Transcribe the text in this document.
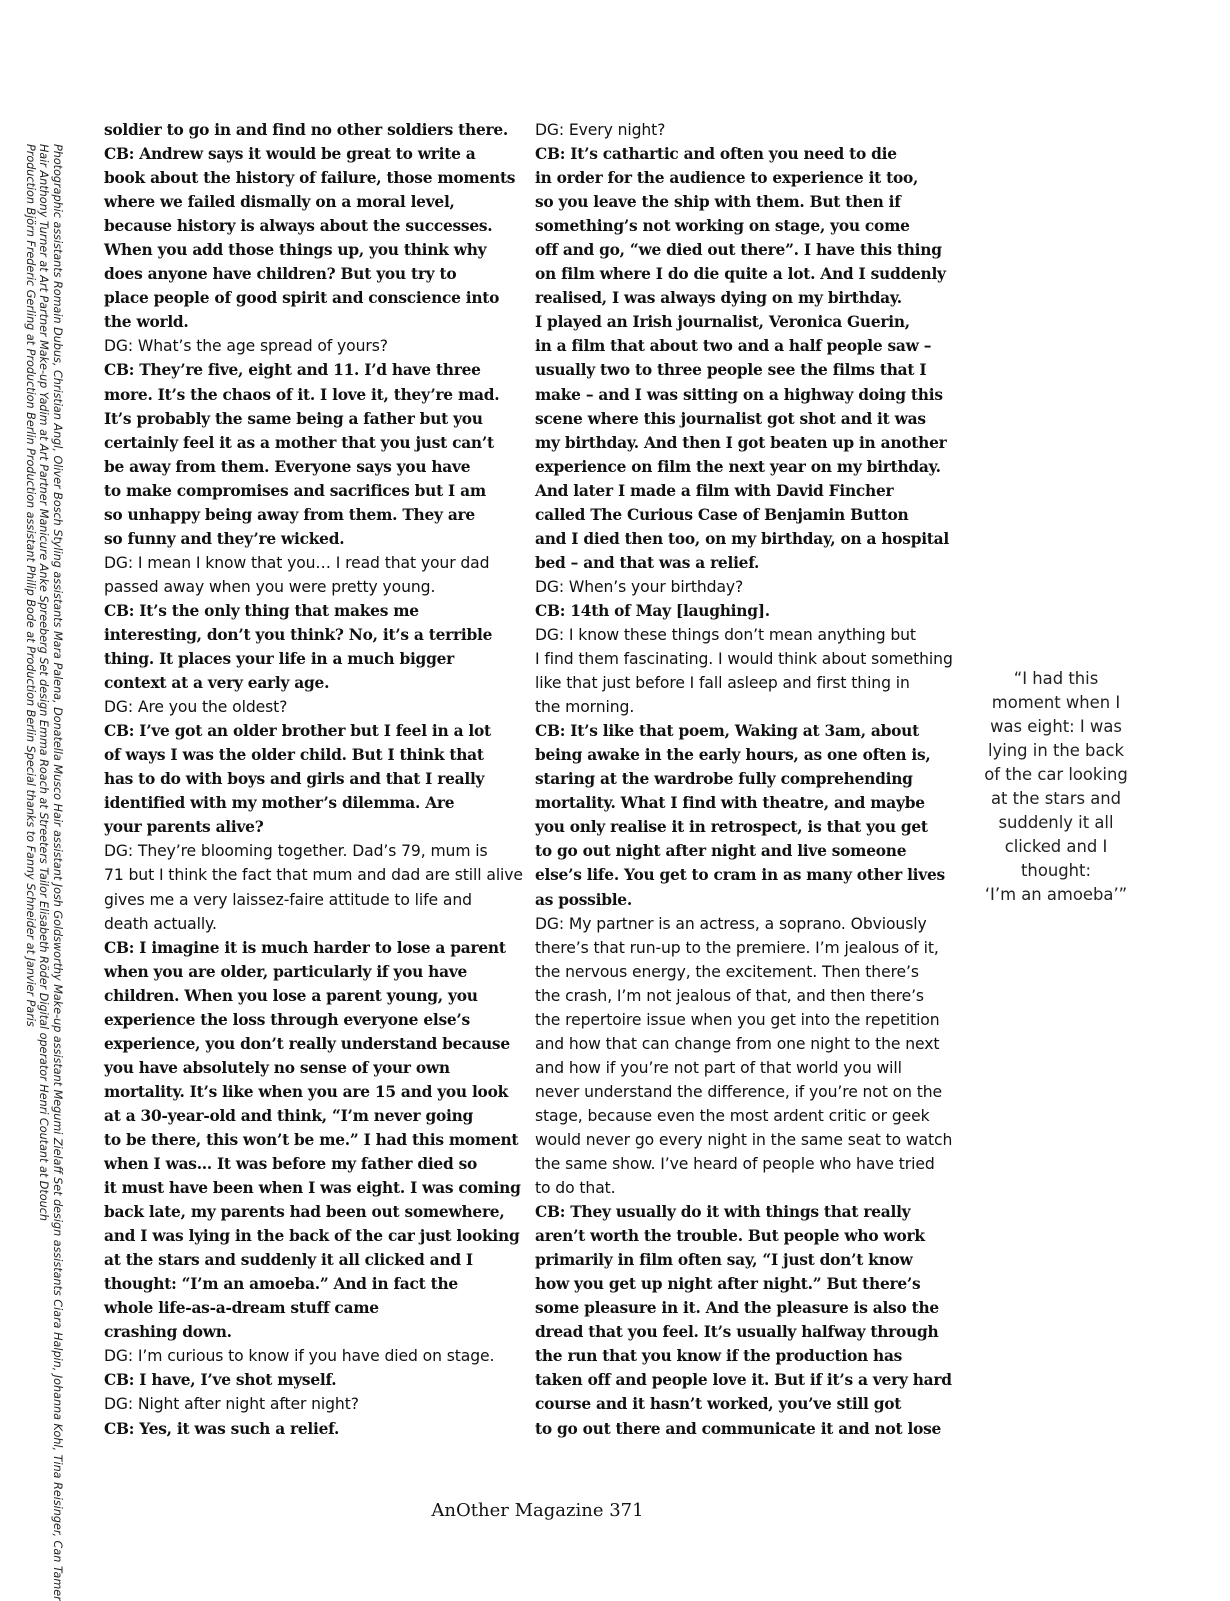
Photographic assistants Romain Dubus, Christian Angl, Oliver Bosch Styling assistants Mara Palena, Donatella Musco Hair assistant Josh Goldsworthy Make-up assistant Megumi Zielaff Set design assistants Ciara Halpin, Johanna Kohl, Tina Reisinger, Can Tamer

Hair Anthony Turner at Art Partner Make-up Yadim at Art Partner Manicure Anke Spreeberg Set design Emma Roach at Streeters Tailor Elisabeth Röder Digital operator Henri Coutant at Dtouch

Production Björn Frederic Gerling at Production Berlin Production assistant Philip Bode at Production Berlin Special thanks to Fanny Schneider at Janvier Paris

soldier to go in and find no other soldiers there.

CB: Andrew says it would be great to write a

book about the history of failure, those moments

where we failed dismally on a moral level,

because history is always about the successes.

When you add those things up, you think why

does anyone have children? But you try to

place people of good spirit and conscience into

the world.

DG: What’s the age spread of yours?

CB: They’re five, eight and 11. I’d have three

more. It’s the chaos of it. I love it, they’re mad.

It’s probably the same being a father but you

certainly feel it as a mother that you just can’t

be away from them. Everyone says you have

to make compromises and sacrifices but I am

so unhappy being away from them. They are

so funny and they’re wicked.

DG: I mean I know that you… I read that your dad

passed away when you were pretty young.

CB: It’s the only thing that makes me

interesting, don’t you think? No, it’s a terrible

thing. It places your life in a much bigger

context at a very early age.

DG: Are you the oldest?

CB: I’ve got an older brother but I feel in a lot

of ways I was the older child. But I think that

has to do with boys and girls and that I really

identified with my mother’s dilemma. Are

your parents alive?

DG: They’re blooming together. Dad’s 79, mum is

71 but I think the fact that mum and dad are still alive

gives me a very laissez-faire attitude to life and

death actually.

CB: I imagine it is much harder to lose a parent

when you are older, particularly if you have

children. When you lose a parent young, you

experience the loss through everyone else’s

experience, you don’t really understand because

you have absolutely no sense of your own

mortality. It’s like when you are 15 and you look

at a 30-year-old and think, “I’m never going

to be there, this won’t be me.” I had this moment

when I was… It was before my father died so

it must have been when I was eight. I was coming

back late, my parents had been out somewhere,

and I was lying in the back of the car just looking

at the stars and suddenly it all clicked and I

thought: “I’m an amoeba.” And in fact the

whole life-as-a-dream stuff came

crashing down.

DG: I’m curious to know if you have died on stage.

CB: I have, I’ve shot myself.

DG: Night after night after night?

CB: Yes, it was such a relief.

DG: Every night?

CB: It’s cathartic and often you need to die

in order for the audience to experience it too,

so you leave the ship with them. But then if

something’s not working on stage, you come

off and go, “we died out there”. I have this thing

on film where I do die quite a lot. And I suddenly

realised, I was always dying on my birthday.

I played an Irish journalist, Veronica Guerin,

in a film that about two and a half people saw –

usually two to three people see the films that I

make – and I was sitting on a highway doing this

scene where this journalist got shot and it was

my birthday. And then I got beaten up in another

experience on film the next year on my birthday.

And later I made a film with David Fincher

called The Curious Case of Benjamin Button

and I died then too, on my birthday, on a hospital

bed – and that was a relief.

DG: When’s your birthday?

CB: 14th of May [laughing].

DG: I know these things don’t mean anything but

I find them fascinating. I would think about something

like that just before I fall asleep and first thing in

the morning.

CB: It’s like that poem, Waking at 3am, about

being awake in the early hours, as one often is,

staring at the wardrobe fully comprehending

mortality. What I find with theatre, and maybe

you only realise it in retrospect, is that you get

to go out night after night and live someone

else’s life. You get to cram in as many other lives

as possible.

DG: My partner is an actress, a soprano. Obviously

there’s that run-up to the premiere. I’m jealous of it,

the nervous energy, the excitement. Then there’s

the crash, I’m not jealous of that, and then there’s

the repertoire issue when you get into the repetition

and how that can change from one night to the next

and how if you’re not part of that world you will

never understand the difference, if you’re not on the

stage, because even the most ardent critic or geek

would never go every night in the same seat to watch

the same show. I’ve heard of people who have tried

to do that.

CB: They usually do it with things that really

aren’t worth the trouble. But people who work

primarily in film often say, “I just don’t know

how you get up night after night.” But there’s

some pleasure in it. And the pleasure is also the

dread that you feel. It’s usually halfway through

the run that you know if the production has

taken off and people love it. But if it’s a very hard

course and it hasn’t worked, you’ve still got

to go out there and communicate it and not lose

“I had this

moment when I

was eight: I was

lying in the back

of the car looking

at the stars and

suddenly it all

clicked and I

thought:

‘I’m an amoeba’”

AnOther Magazine 371
